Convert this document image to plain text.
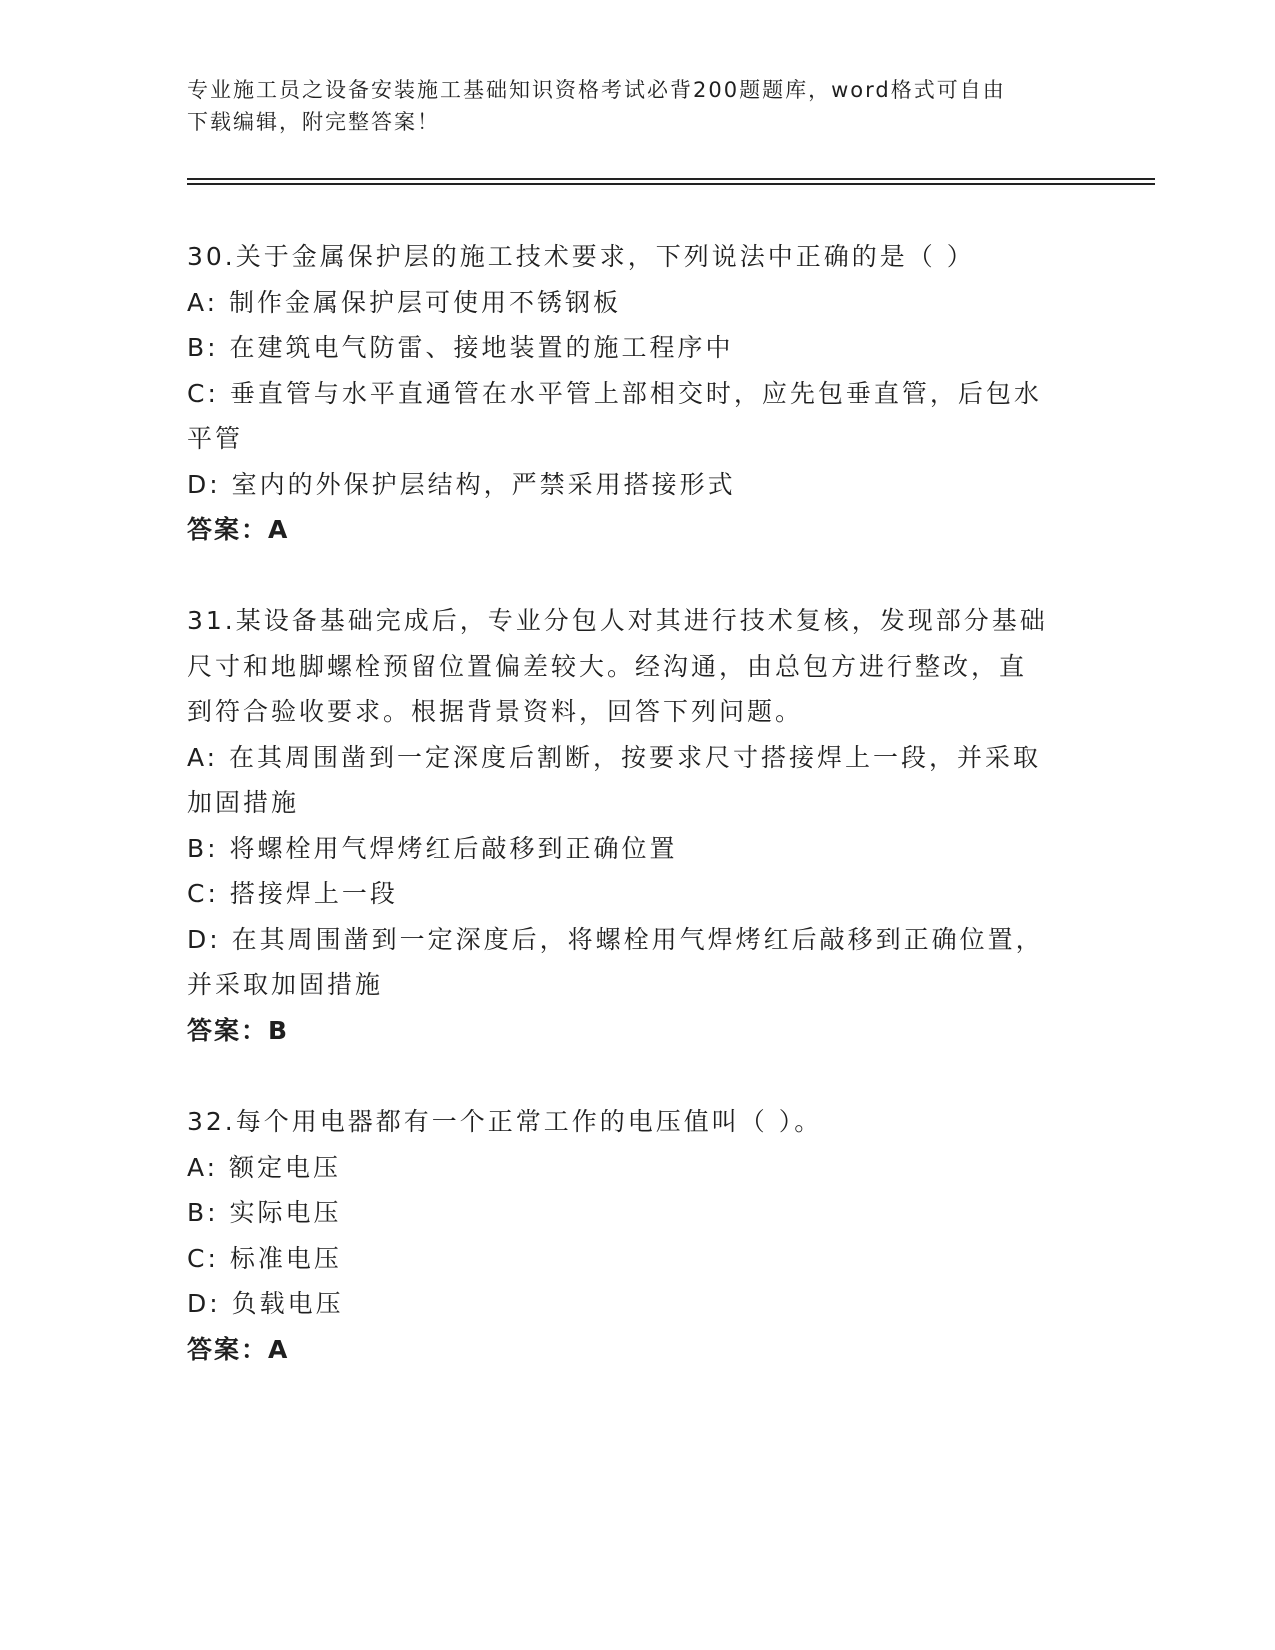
专业施工员之设备安装施工基础知识资格考试必背200题题库，word格式可自由
下载编辑，附完整答案！
30.关于金属保护层的施工技术要求，下列说法中正确的是（ ）
A: 制作金属保护层可使用不锈钢板
B: 在建筑电气防雷、接地装置的施工程序中
C: 垂直管与水平直通管在水平管上部相交时，应先包垂直管，后包水
平管
D: 室内的外保护层结构，严禁采用搭接形式
答案：A
31.某设备基础完成后，专业分包人对其进行技术复核，发现部分基础
尺寸和地脚螺栓预留位置偏差较大。经沟通，由总包方进行整改，直
到符合验收要求。根据背景资料，回答下列问题。
A: 在其周围凿到一定深度后割断，按要求尺寸搭接焊上一段，并采取
加固措施
B: 将螺栓用气焊烤红后敲移到正确位置
C: 搭接焊上一段
D: 在其周围凿到一定深度后，将螺栓用气焊烤红后敲移到正确位置，
并采取加固措施
答案：B
32.每个用电器都有一个正常工作的电压值叫（ ）。
A: 额定电压
B: 实际电压
C: 标准电压
D: 负载电压
答案：A
